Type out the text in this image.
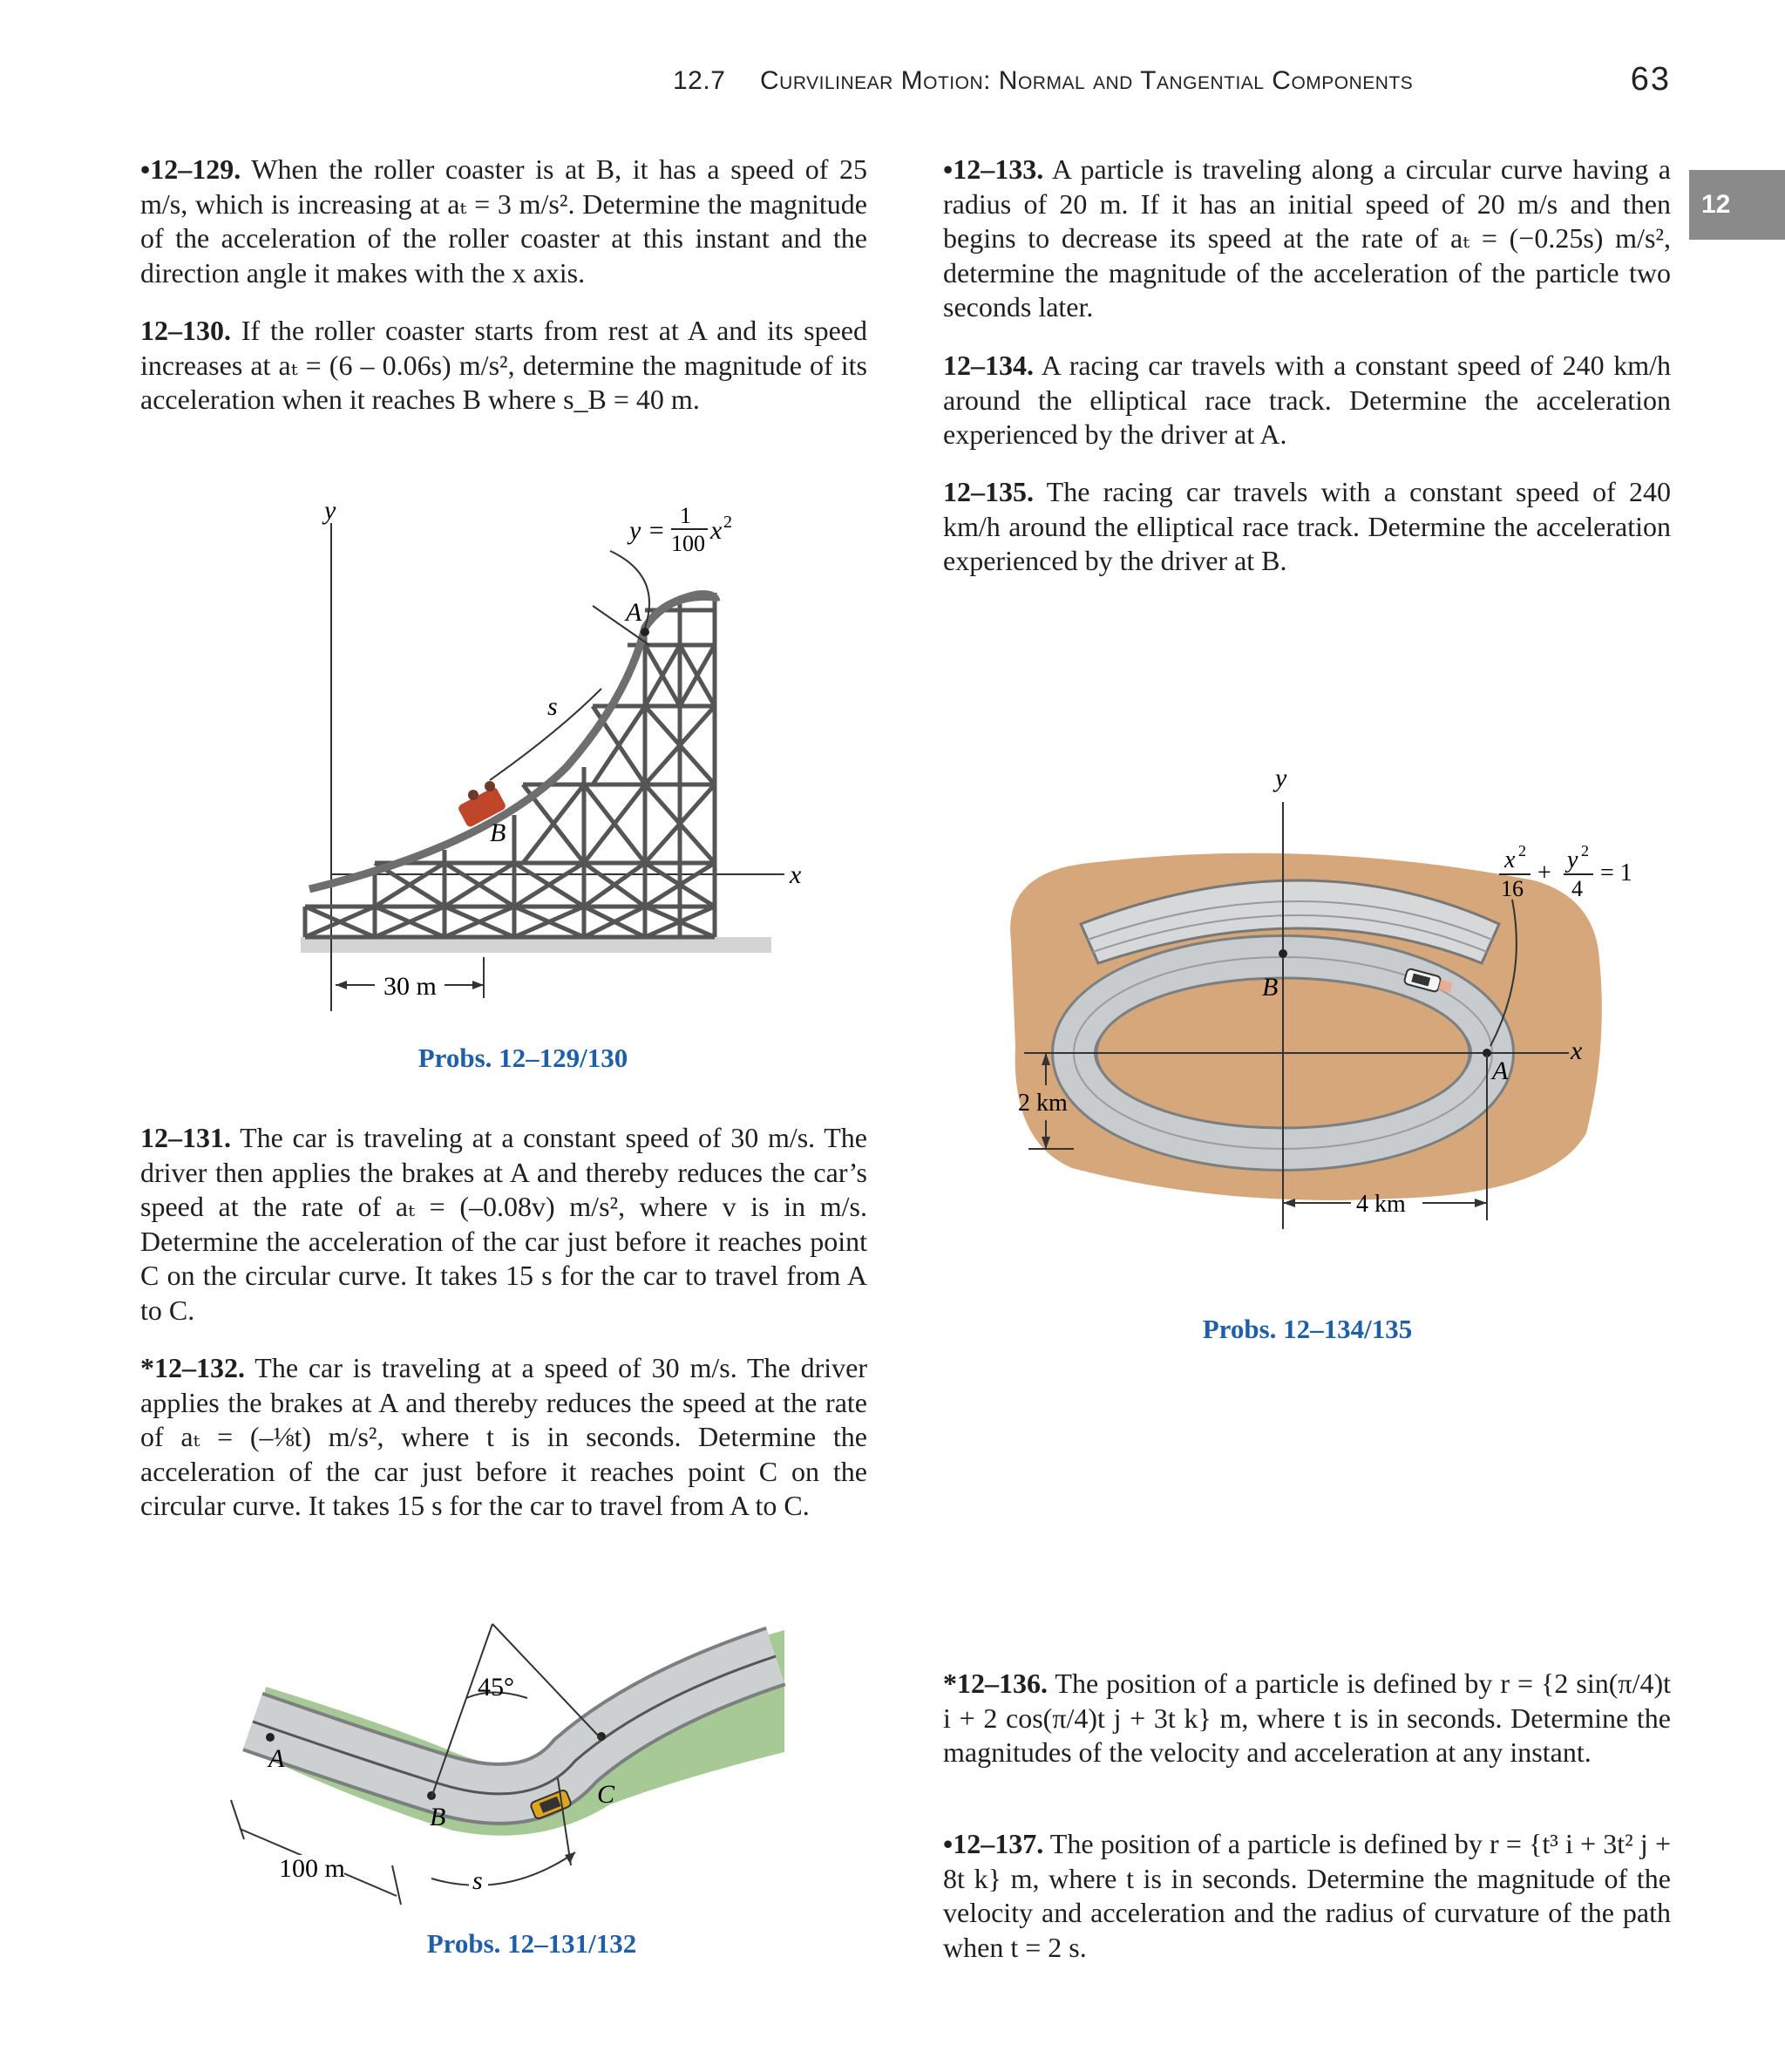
12.7 Curvilinear Motion: Normal and Tangential Components	63
12
•12–129. When the roller coaster is at B, it has a speed of 25 m/s, which is increasing at aₜ = 3 m/s². Determine the magnitude of the acceleration of the roller coaster at this instant and the direction angle it makes with the x axis.
12–130. If the roller coaster starts from rest at A and its speed increases at aₜ = (6 – 0.06s) m/s², determine the magnitude of its acceleration when it reaches B where s_B = 40 m.
y
x
A
B
s
y =
1
100 x 2
30 m
Probs. 12–129/130
12–131. The car is traveling at a constant speed of 30 m/s. The driver then applies the brakes at A and thereby reduces the car’s speed at the rate of aₜ = (–0.08v) m/s², where v is in m/s. Determine the acceleration of the car just before it reaches point C on the circular curve. It takes 15 s for the car to travel from A to C.
*12–132. The car is traveling at a speed of 30 m/s. The driver applies the brakes at A and thereby reduces the speed at the rate of aₜ = (–⅛t) m/s², where t is in seconds. Determine the acceleration of the car just before it reaches point C on the circular curve. It takes 15 s for the car to travel from A to C.
A
B
C
45°
100 m	s
Probs. 12–131/132
•12–133. A particle is traveling along a circular curve having a radius of 20 m. If it has an initial speed of 20 m/s and then begins to decrease its speed at the rate of aₜ = (−0.25s) m/s², determine the magnitude of the acceleration of the particle two seconds later.
12–134. A racing car travels with a constant speed of 240 km/h around the elliptical race track. Determine the acceleration experienced by the driver at A.
12–135. The racing car travels with a constant speed of 240 km/h around the elliptical race track. Determine the acceleration experienced by the driver at B.
y
x
A
B
x 2
16
+ y 2
4
= 1
2 km
4 km
Probs. 12–134/135
*12–136. The position of a particle is defined by r = {2 sin(π/4)t i + 2 cos(π/4)t j + 3t k} m, where t is in seconds. Determine the magnitudes of the velocity and acceleration at any instant.
•12–137. The position of a particle is defined by r = {t³ i + 3t² j + 8t k} m, where t is in seconds. Determine the magnitude of the velocity and acceleration and the radius of curvature of the path when t = 2 s.
